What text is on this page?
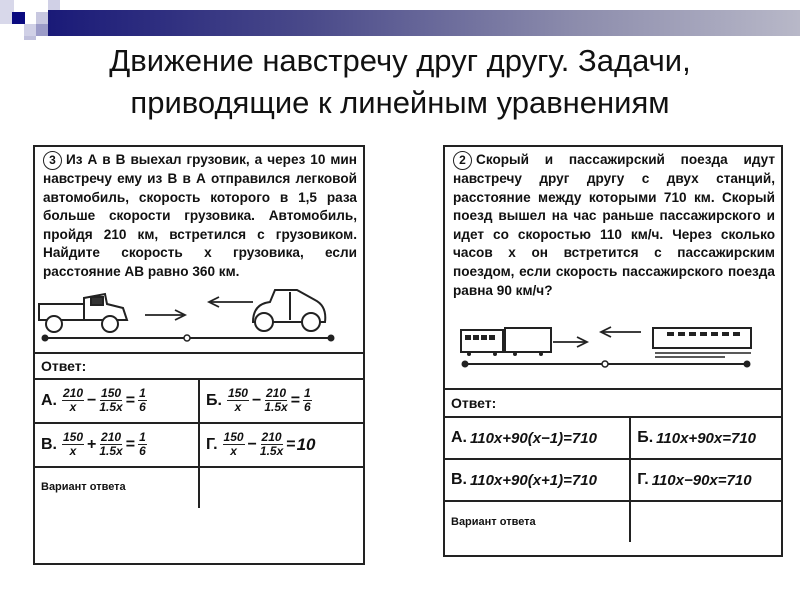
Движение навстречу друг другу. Задачи,
приводящие к линейным уравнениям
3 Из А в В выехал грузовик, а через 10 мин навстречу ему из В в А отправился легковой автомобиль, скорость которого в 1,5 раза больше скорости грузовика. Автомобиль, пройдя 210 км, встретился с грузовиком. Найдите скорость x грузовика, если расстояние АВ равно 360 км.
Ответ:
А. $\frac{210}{x} - \frac{150}{1.5x} = \frac{1}{6}$	Б. $\frac{150}{x} - \frac{210}{1.5x} = \frac{1}{6}$
В. $\frac{150}{x} + \frac{210}{1.5x} = \frac{1}{6}$	Г. $\frac{150}{x} - \frac{210}{1.5x} = 10$
Вариант ответа
2 Скорый и пассажирский поезда идут навстречу друг другу с двух станций, расстояние между которыми 710 км. Скорый поезд вышел на час раньше пассажирского и идет со скоростью 110 км/ч. Через сколько часов x он встретится с пассажирским поездом, если скорость пассажирского поезда равна 90 км/ч?
Ответ:
А. 110x+90(x−1)=710	Б. 110x+90x=710
В. 110x+90(x+1)=710	Г. 110x−90x=710
Вариант ответа
